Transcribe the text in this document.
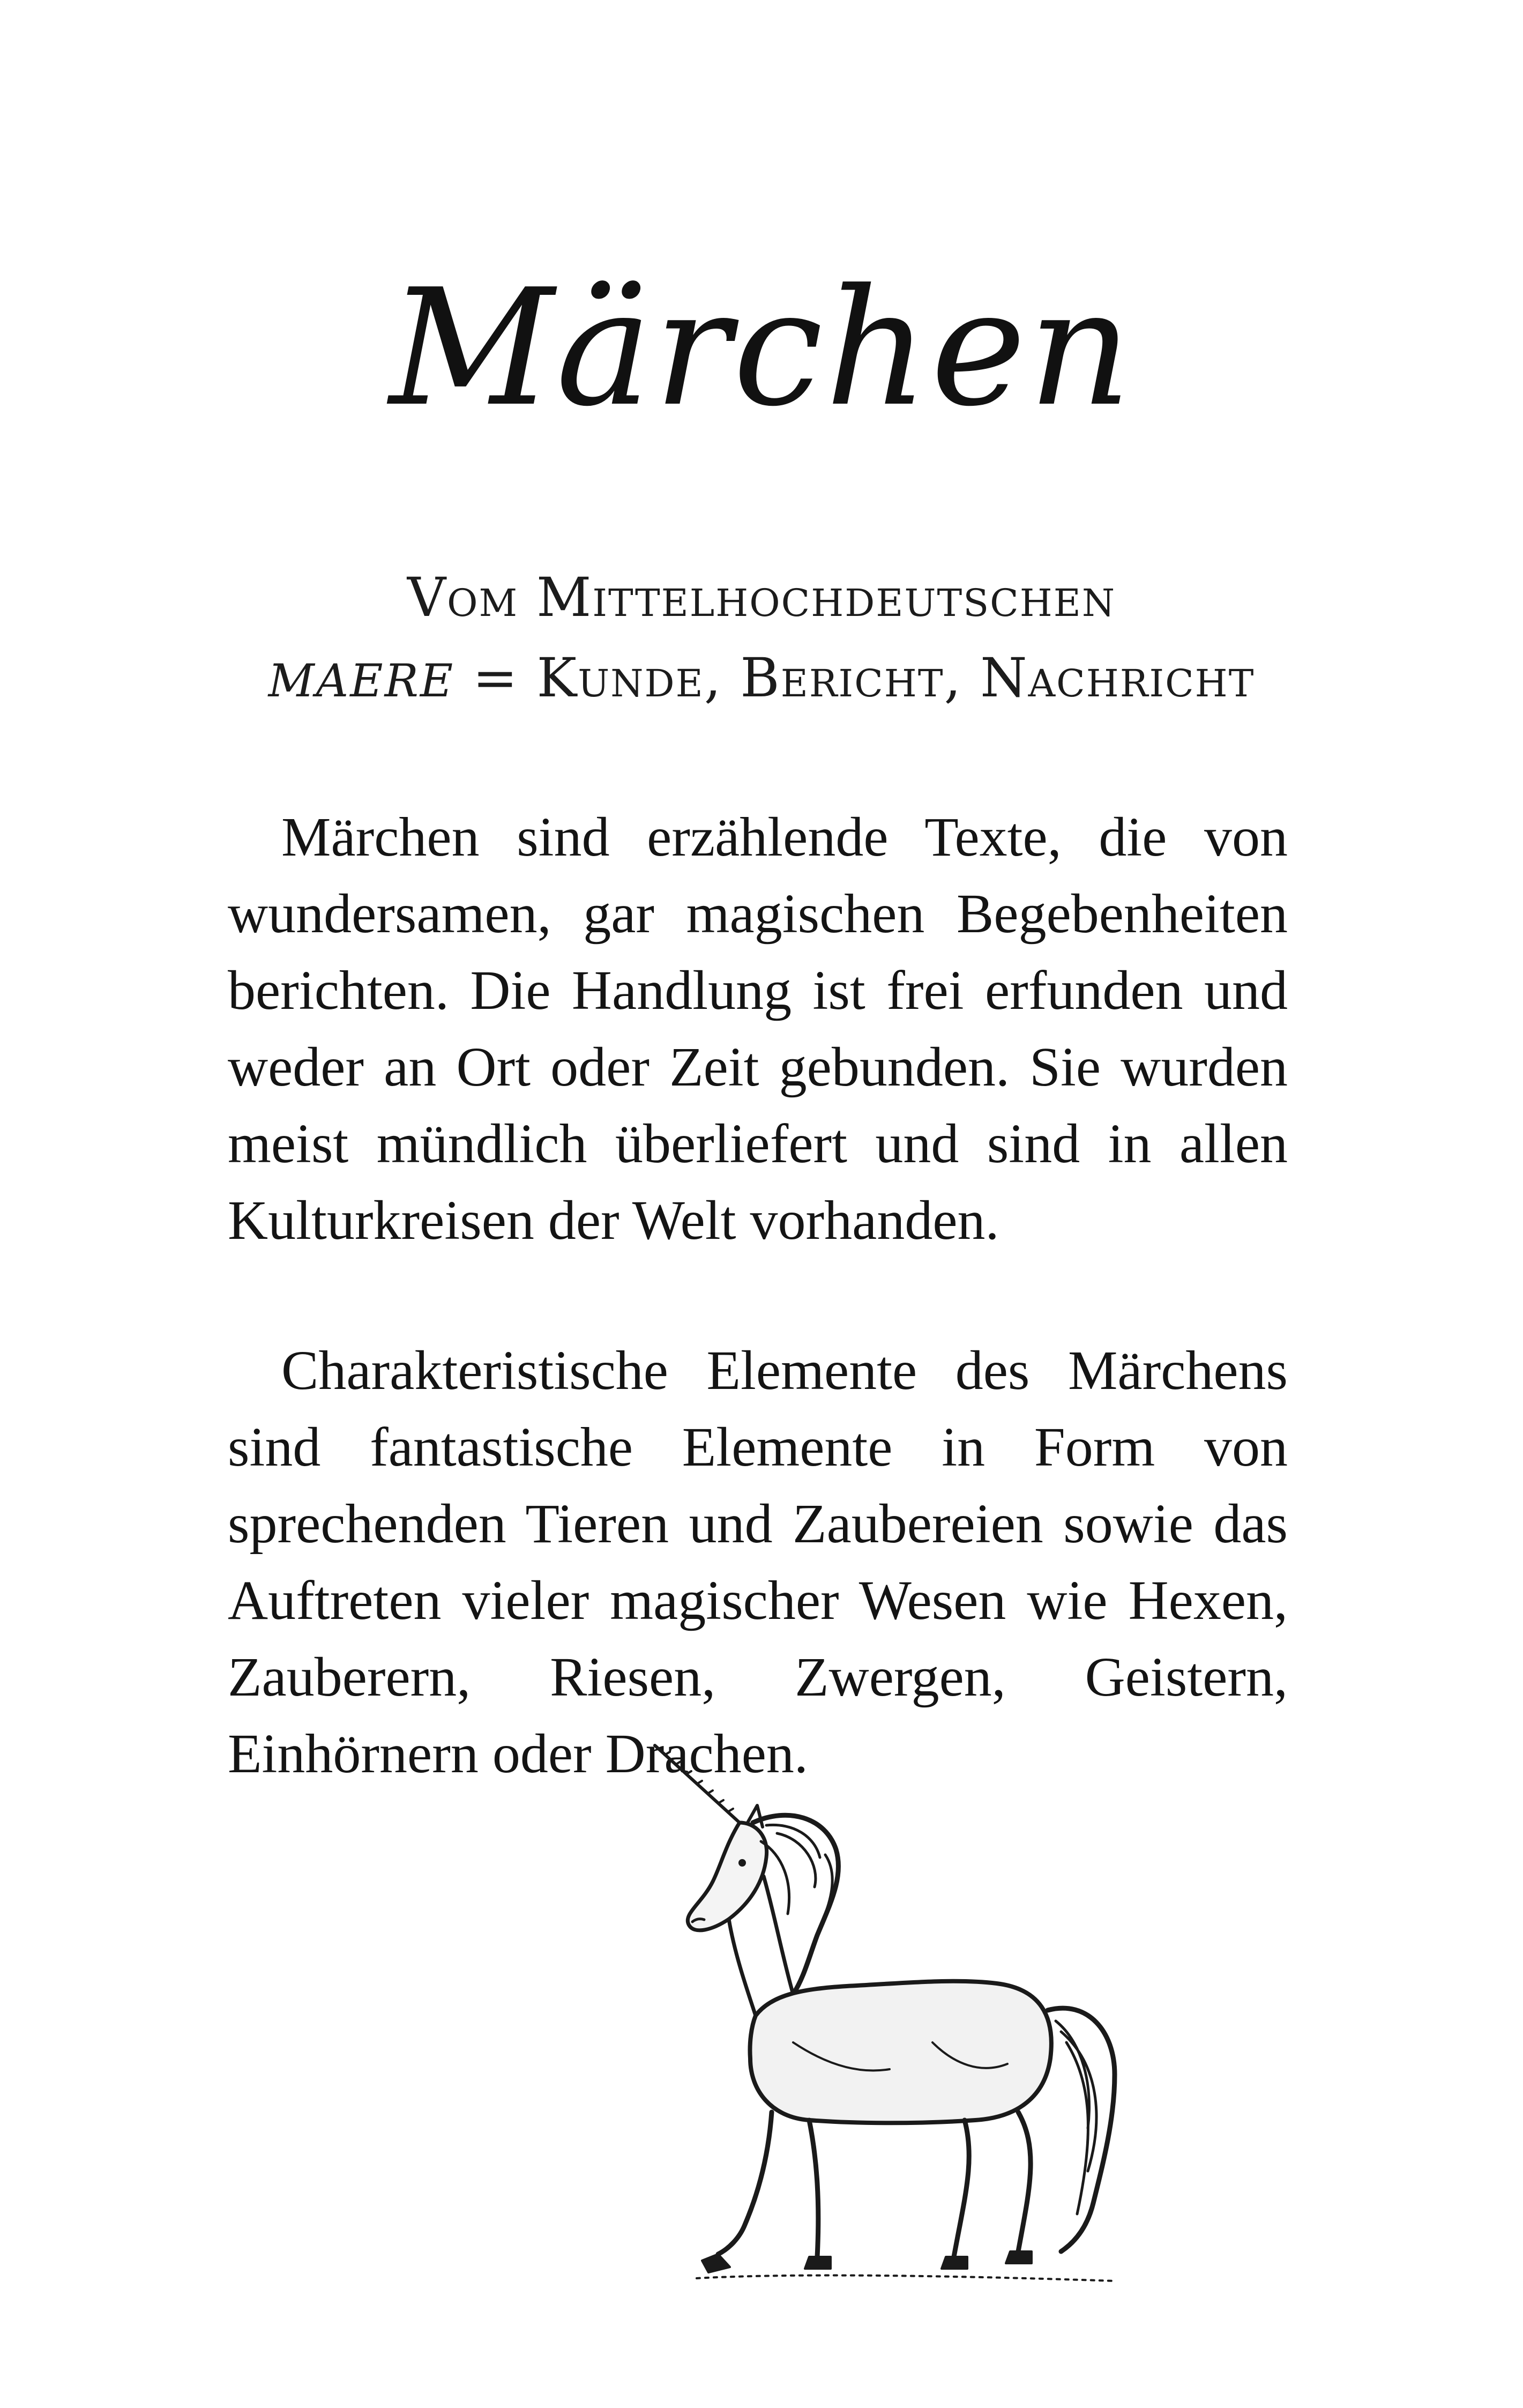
Märchen
Vom Mittelhochdeutschen
MAERE = Kunde, Bericht, Nachricht

Märchen sind erzählende Texte, die von wundersamen, gar magischen Begebenheiten berichten. Die Handlung ist frei erfunden und weder an Ort oder Zeit gebunden. Sie wurden meist mündlich überliefert und sind in allen Kulturkreisen der Welt vorhanden.

Charakteristische Elemente des Märchens sind fantastische Elemente in Form von sprechenden Tieren und Zaubereien sowie das Auftreten vieler magischer Wesen wie Hexen, Zauberern, Riesen, Zwergen, Geistern, Einhörnern oder Drachen.
